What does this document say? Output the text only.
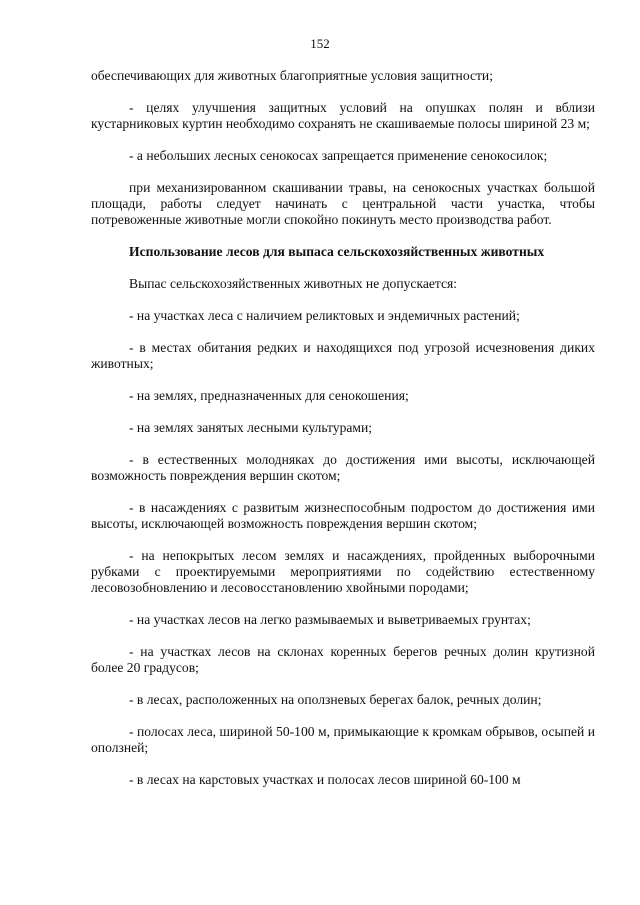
152

обеспечивающих для животных благоприятные условия защитности;

- целях улучшения защитных условий на опушках полян и вблизи кустарниковых куртин необходимо сохранять не скашиваемые полосы шириной 23 м;

- а небольших лесных сенокосах запрещается применение сенокосилок;

при механизированном скашивании травы, на сенокосных участках большой площади, работы следует начинать с центральной части участка, чтобы потревоженные животные могли спокойно покинуть место производства работ.

Использование лесов для выпаса сельскохозяйственных животных

Выпас сельскохозяйственных животных не допускается:

- на участках леса с наличием реликтовых и эндемичных растений;

- в местах обитания редких и находящихся под угрозой исчезновения диких животных;

- на землях, предназначенных для сенокошения;

- на землях занятых лесными культурами;

- в естественных молодняках до достижения ими высоты, исключающей возможность повреждения вершин скотом;

- в насаждениях с развитым жизнеспособным подростом до достижения ими высоты, исключающей возможность повреждения вершин скотом;

- на непокрытых лесом землях и насаждениях, пройденных выборочными рубками с проектируемыми мероприятиями по содействию естественному лесовозобновлению и лесовосстановлению хвойными породами;

- на участках лесов на легко размываемых и выветриваемых грунтах;

- на участках лесов на склонах коренных берегов речных долин крутизной более 20 градусов;

- в лесах, расположенных на оползневых берегах балок, речных долин;

- полосах леса, шириной 50-100 м, примыкающие к кромкам обрывов, осыпей и оползней;

- в лесах на карстовых участках и полосах лесов шириной 60-100 м
